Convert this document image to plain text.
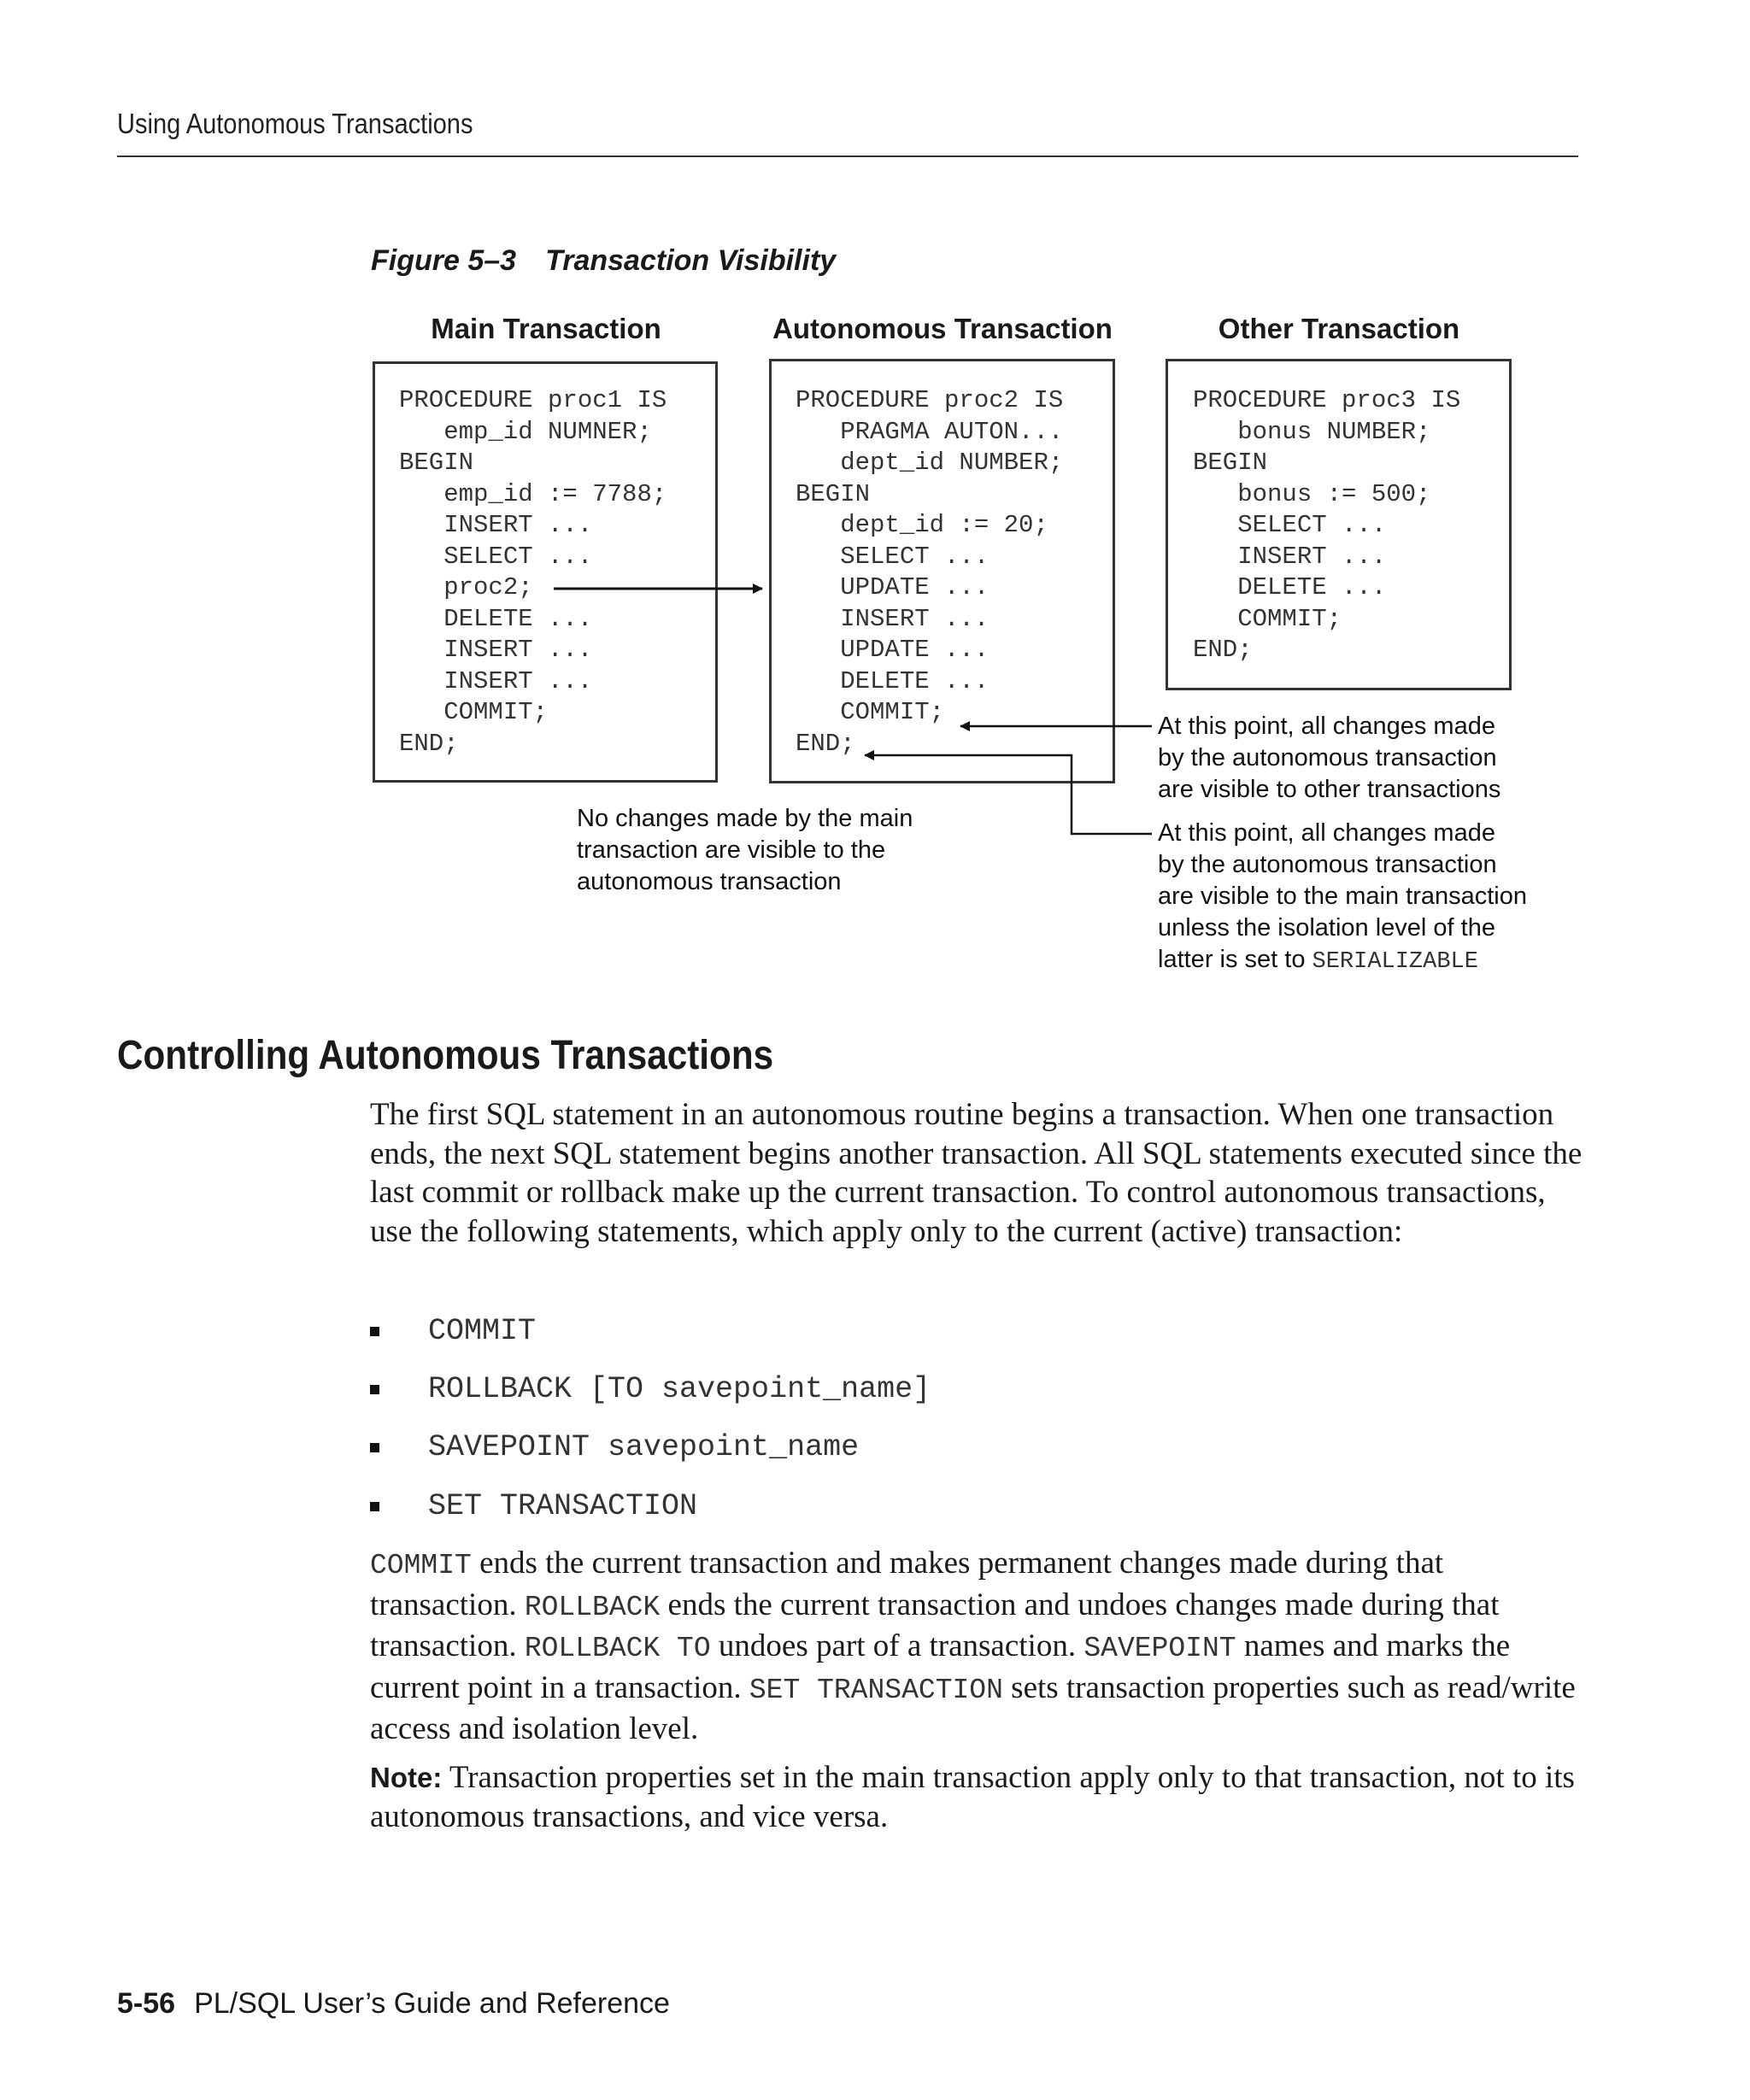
Using Autonomous Transactions
Figure 5–3 Transaction Visibility
Main Transaction	Autonomous Transaction	Other Transaction
PROCEDURE proc1 IS
emp_id NUMNER;
BEGIN
emp_id := 7788;
INSERT ...
SELECT ...
proc2;
DELETE ...
INSERT ...
INSERT ...
COMMIT;
END;
PROCEDURE proc2 IS
PRAGMA AUTON...
dept_id NUMBER;
BEGIN
dept_id := 20;
SELECT ...
UPDATE ...
INSERT ...
UPDATE ...
DELETE ...
COMMIT;
END;
PROCEDURE proc3 IS
bonus NUMBER;
BEGIN
bonus := 500;
SELECT ...
INSERT ...
DELETE ...
COMMIT;
END;
No changes made by the main
transaction are visible to the
autonomous transaction
At this point, all changes made
by the autonomous transaction
are visible to other transactions
At this point, all changes made
by the autonomous transaction
are visible to the main transaction
unless the isolation level of the
latter is set to SERIALIZABLE
Controlling Autonomous Transactions
The first SQL statement in an autonomous routine begins a transaction. When one transaction ends, the next SQL statement begins another transaction. All SQL statements executed since the last commit or rollback make up the current transaction. To control autonomous transactions, use the following statements, which apply only to the current (active) transaction:
COMMIT
ROLLBACK [TO savepoint_name]
SAVEPOINT savepoint_name
SET TRANSACTION
COMMIT ends the current transaction and makes permanent changes made during that transaction. ROLLBACK ends the current transaction and undoes changes made during that transaction. ROLLBACK TO undoes part of a transaction. SAVEPOINT names and marks the current point in a transaction. SET TRANSACTION sets transaction properties such as read/write access and isolation level.
Note: Transaction properties set in the main transaction apply only to that transaction, not to its autonomous transactions, and vice versa.
5-56 PL/SQL User’s Guide and Reference
